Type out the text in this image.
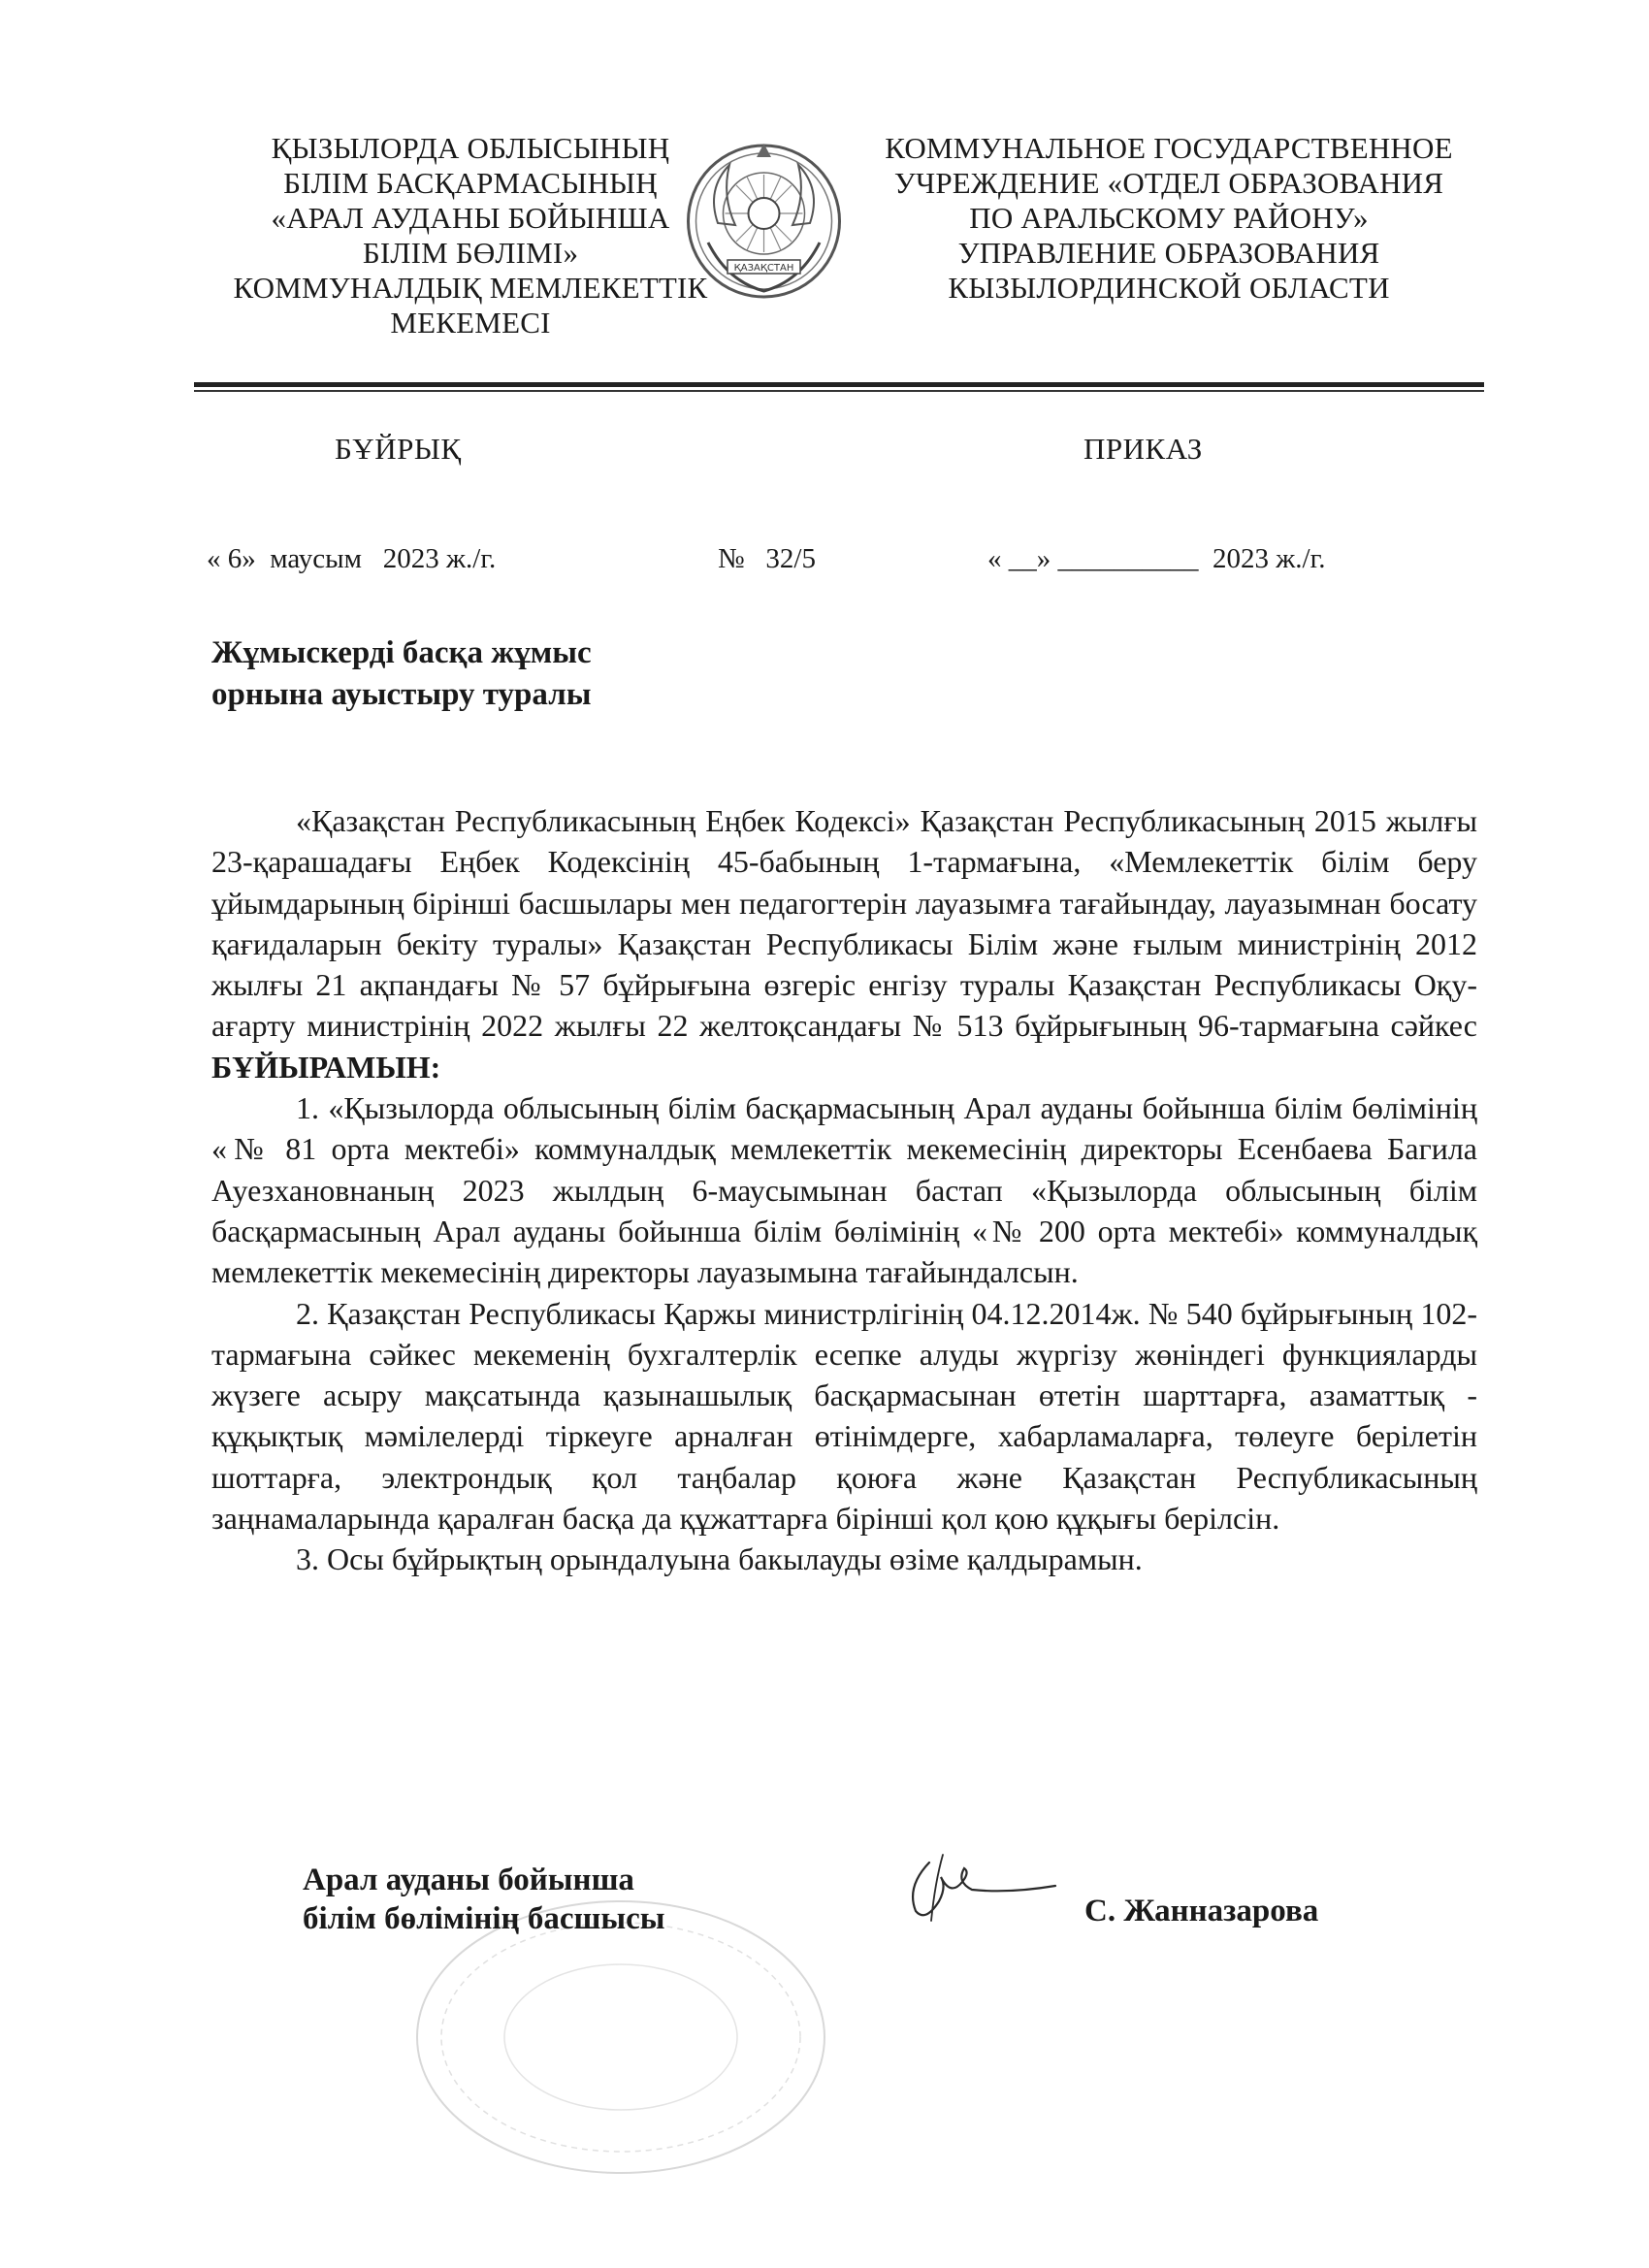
ҚЫЗЫЛОРДА ОБЛЫСЫНЫҢ
БІЛІМ БАСҚАРМАСЫНЫҢ
«АРАЛ АУДАНЫ БОЙЫНША
БІЛІМ БӨЛІМІ»
КОММУНАЛДЫҚ МЕМЛЕКЕТТІК
МЕКЕМЕСІ
ҚАЗАҚСТАН
КОММУНАЛЬНОЕ ГОСУДАРСТВЕННОЕ
УЧРЕЖДЕНИЕ «ОТДЕЛ ОБРАЗОВАНИЯ
ПО АРАЛЬСКОМУ РАЙОНУ»
УПРАВЛЕНИЕ ОБРАЗОВАНИЯ
КЫЗЫЛОРДИНСКОЙ ОБЛАСТИ
БҰЙРЫҚ	ПРИКАЗ
« 6»  маусым   2023 ж./г.	№   32/5	« __» __________  2023 ж./г.
Жұмыскерді басқа жұмыс
орнына ауыстыру туралы

«Қазақстан Республикасының Еңбек Кодексі» Қазақстан Республикасының 2015 жылғы 23-қарашадағы Еңбек Кодексінің 45-бабының 1-тармағына, «Мемлекеттік білім беру ұйымдарының бірінші басшылары мен педагогтерін лауазымға тағайындау, лауазымнан босату қағидаларын бекіту туралы» Қазақстан Республикасы Білім және ғылым министрінің 2012 жылғы 21 ақпандағы № 57 бұйрығына өзгеріс енгізу туралы Қазақстан Республикасы Оқу-ағарту министрінің 2022 жылғы 22 желтоқсандағы № 513 бұйрығының 96-тармағына сәйкес БҰЙЫРАМЫН:

1. «Қызылорда облысының білім басқармасының Арал ауданы бойынша білім бөлімінің «№ 81 орта мектебі» коммуналдық мемлекеттік мекемесінің директоры Есенбаева Багила Ауезхановнаның 2023 жылдың 6-маусымынан бастап «Қызылорда облысының білім басқармасының Арал ауданы бойынша білім бөлімінің «№ 200 орта мектебі» коммуналдық мемлекеттік мекемесінің директоры лауазымына тағайындалсын.

2. Қазақстан Республикасы Қаржы министрлігінің 04.12.2014ж. № 540 бұйрығының 102-тармағына сәйкес мекеменің бухгалтерлік есепке алуды жүргізу жөніндегі функцияларды жүзеге асыру мақсатында қазынашылық басқармасынан өтетін шарттарға, азаматтық - құқықтық мәмілелерді тіркеуге арналған өтінімдерге, хабарламаларға, төлеуге берілетін шоттарға, электрондық қол таңбалар қоюға және Қазақстан Республикасының заңнамаларында қаралған басқа да құжаттарға бірінші қол қою құқығы берілсін.

3. Осы бұйрықтың орындалуына бакылауды өзіме қалдырамын.

Арал ауданы бойынша
білім бөлімінің басшысы	С. Жанназарова
